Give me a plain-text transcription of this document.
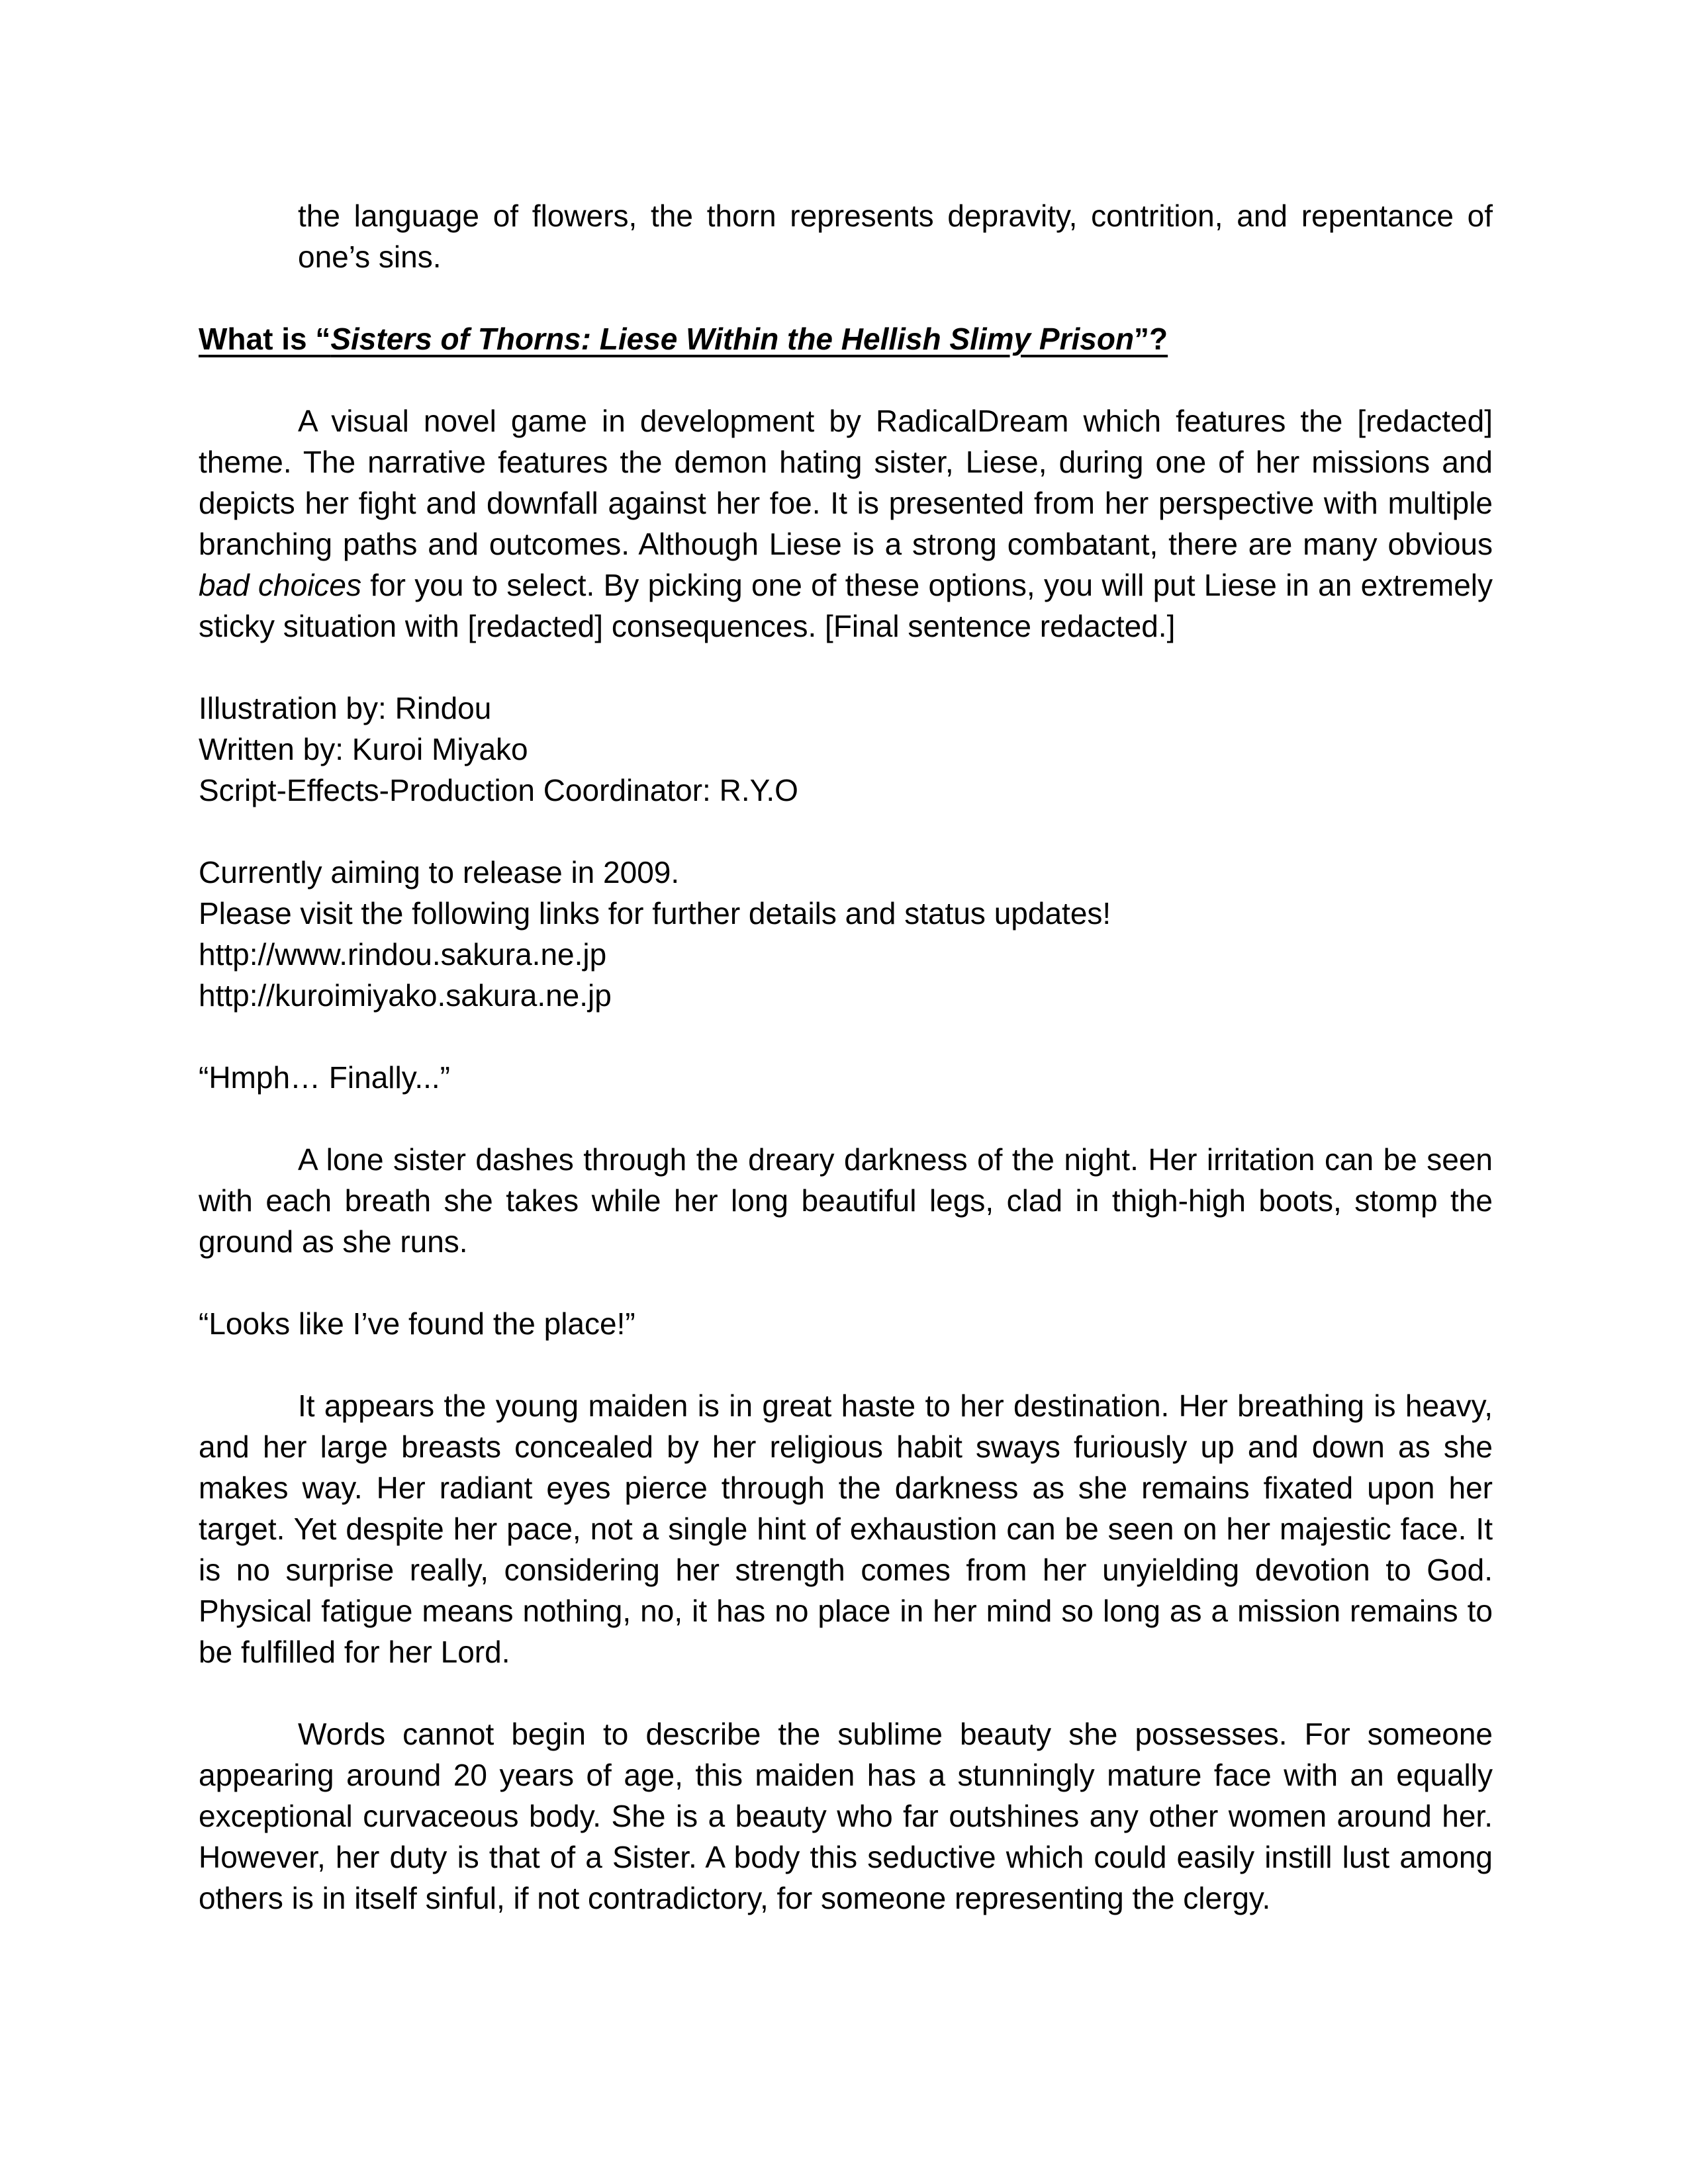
the language of flowers, the thorn represents depravity, contrition, and repentance of one’s sins.

What is “Sisters of Thorns: Liese Within the Hellish Slimy Prison”?

A visual novel game in development by RadicalDream which features the [redacted] theme. The narrative features the demon hating sister, Liese, during one of her missions and depicts her fight and downfall against her foe. It is presented from her perspective with multiple branching paths and outcomes. Although Liese is a strong combatant, there are many obvious bad choices for you to select. By picking one of these options, you will put Liese in an extremely sticky situation with [redacted] consequences. [Final sentence redacted.]

Illustration by: Rindou

Written by: Kuroi Miyako

Script-Effects-Production Coordinator: R.Y.O

Currently aiming to release in 2009.

Please visit the following links for further details and status updates!

http://www.rindou.sakura.ne.jp

http://kuroimiyako.sakura.ne.jp

“Hmph… Finally...”

A lone sister dashes through the dreary darkness of the night. Her irritation can be seen with each breath she takes while her long beautiful legs, clad in thigh-high boots, stomp the ground as she runs.

“Looks like I’ve found the place!”

It appears the young maiden is in great haste to her destination. Her breathing is heavy, and her large breasts concealed by her religious habit sways furiously up and down as she makes way. Her radiant eyes pierce through the darkness as she remains fixated upon her target. Yet despite her pace, not a single hint of exhaustion can be seen on her majestic face. It is no surprise really, considering her strength comes from her unyielding devotion to God. Physical fatigue means nothing, no, it has no place in her mind so long as a mission remains to be fulfilled for her Lord.

Words cannot begin to describe the sublime beauty she possesses. For someone appearing around 20 years of age, this maiden has a stunningly mature face with an equally exceptional curvaceous body. She is a beauty who far outshines any other women around her. However, her duty is that of a Sister. A body this seductive which could easily instill lust among others is in itself sinful, if not contradictory, for someone representing the clergy.
